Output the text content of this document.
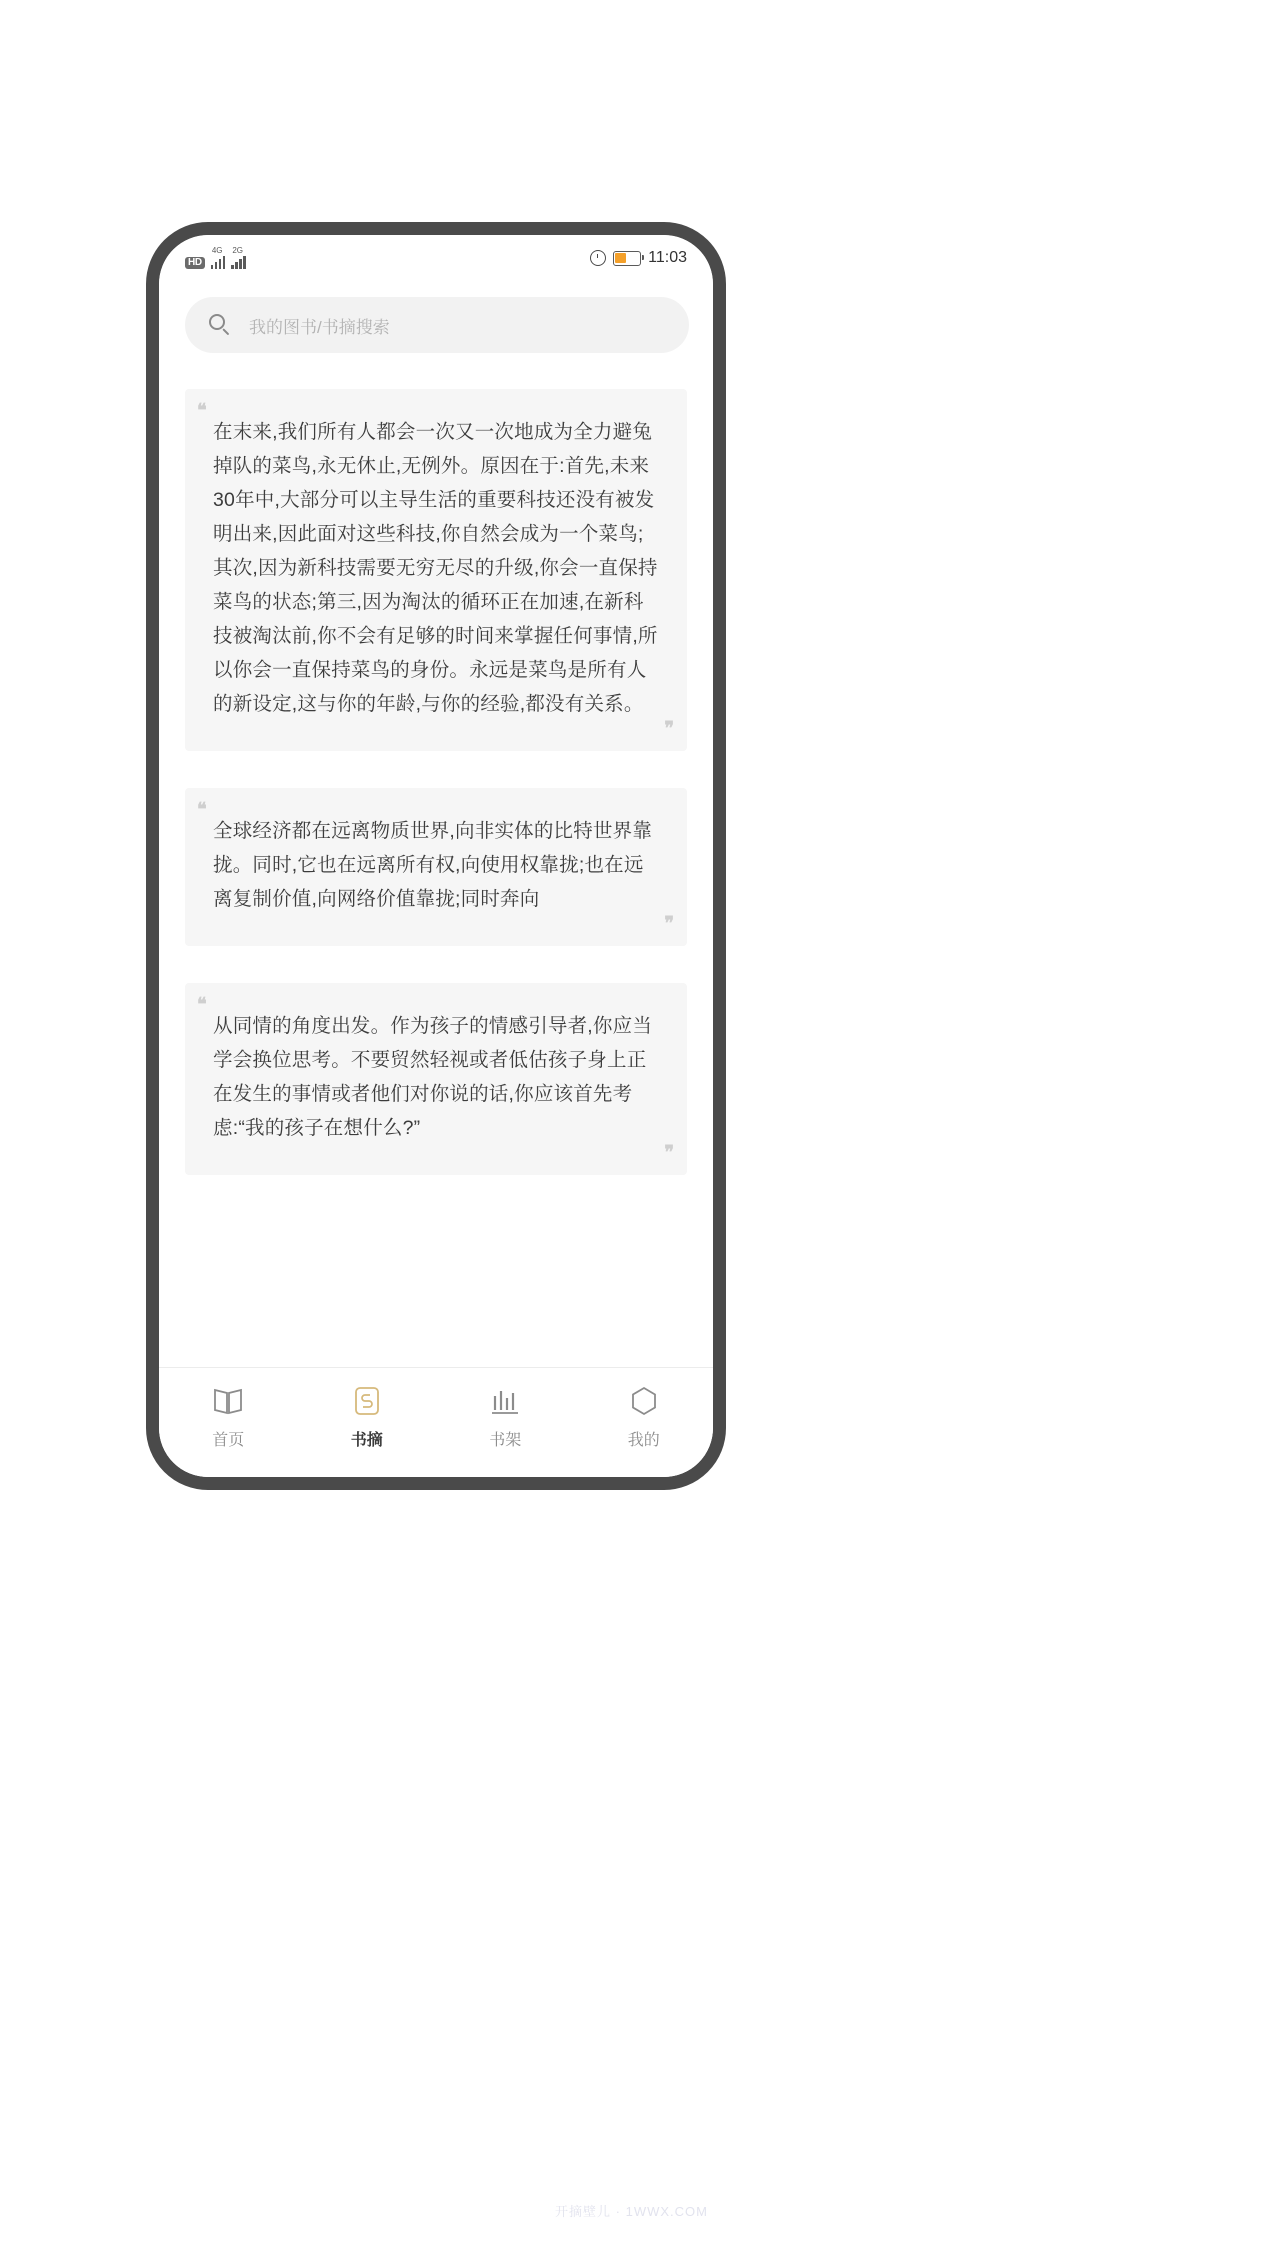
HD
4G 2G	11:03
我的图书/书摘搜索
❝
在末来,我们所有人都会一次又一次地成为全力避兔掉队的菜鸟,永无休止,无例外。原因在于:首先,未来30年中,大部分可以主导生活的重要科技还没有被发明出来,因此面对这些科技,你自然会成为一个菜鸟;其次,因为新科技需要无穷无尽的升级,你会一直保持菜鸟的状态;第三,因为淘汰的循环正在加速,在新科技被淘汰前,你不会有足够的时间来掌握任何事情,所以你会一直保持菜鸟的身份。永远是菜鸟是所有人的新设定,这与你的年龄,与你的经验,都没有关系。
❞
❝
全球经济都在远离物质世界,向非实体的比特世界靠拢。同时,它也在远离所有权,向使用权靠拢;也在远离复制价值,向网络价值靠拢;同时奔向
❞
❝
从同情的角度出发。作为孩子的情感引导者,你应当学会换位思考。不要贸然轻视或者低估孩子身上正在发生的事情或者他们对你说的话,你应该首先考虑:“我的孩子在想什么?”
❞
首页	书摘	书架	我的
开摘壁儿 · 1WWX.COM
